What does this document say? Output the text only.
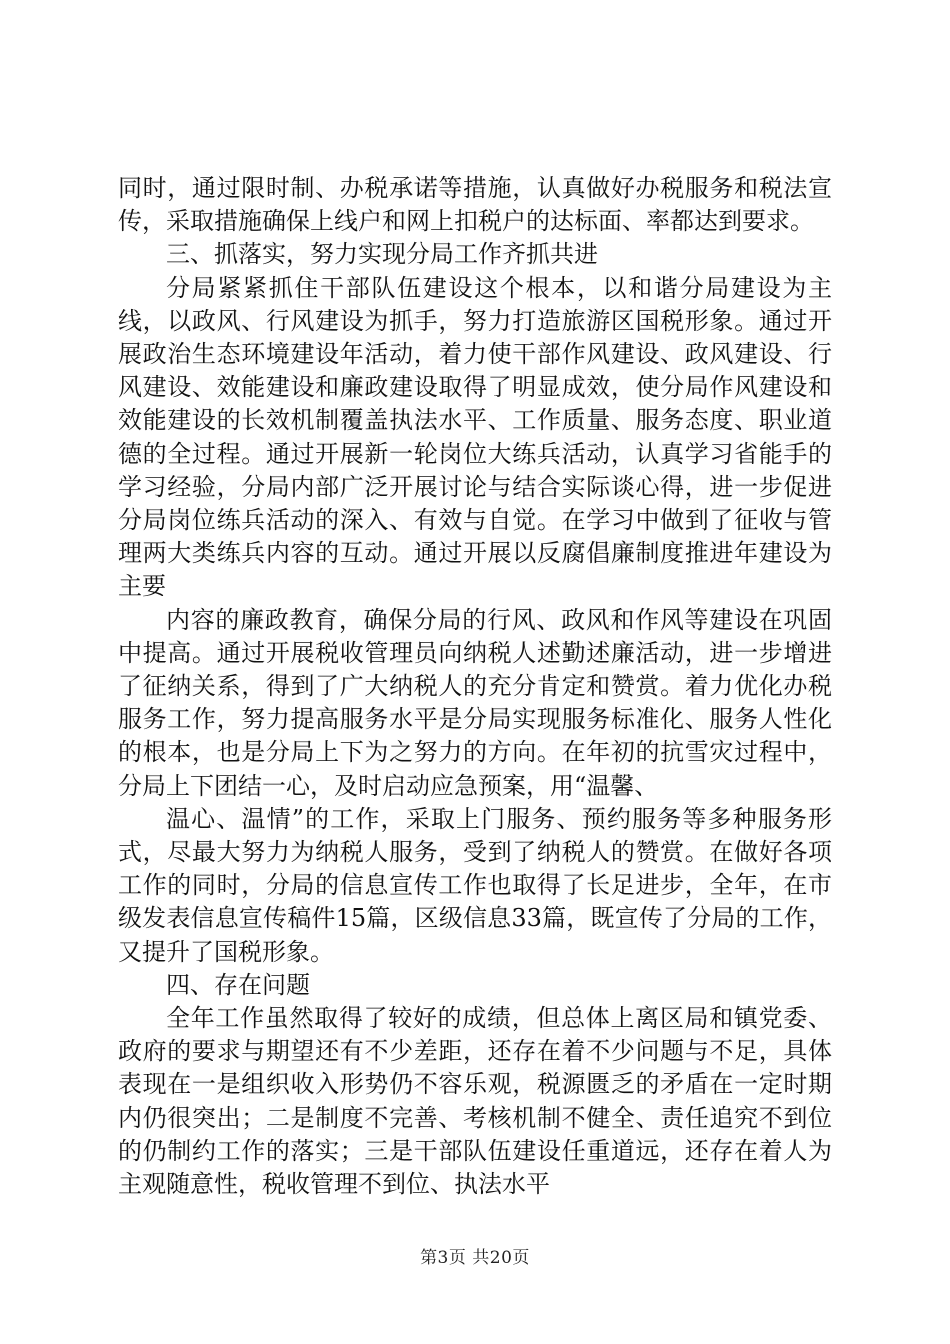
同时，通过限时制、办税承诺等措施，认真做好办税服务和税法宣传，采取措施确保上线户和网上扣税户的达标面、率都达到要求。

三、抓落实，努力实现分局工作齐抓共进

分局紧紧抓住干部队伍建设这个根本，以和谐分局建设为主线，以政风、行风建设为抓手，努力打造旅游区国税形象。通过开展政治生态环境建设年活动，着力使干部作风建设、政风建设、行风建设、效能建设和廉政建设取得了明显成效，使分局作风建设和效能建设的长效机制覆盖执法水平、工作质量、服务态度、职业道德的全过程。通过开展新一轮岗位大练兵活动，认真学习省能手的学习经验，分局内部广泛开展讨论与结合实际谈心得，进一步促进分局岗位练兵活动的深入、有效与自觉。在学习中做到了征收与管理两大类练兵内容的互动。通过开展以反腐倡廉制度推进年建设为主要

内容的廉政教育，确保分局的行风、政风和作风等建设在巩固中提高。通过开展税收管理员向纳税人述勤述廉活动，进一步增进了征纳关系，得到了广大纳税人的充分肯定和赞赏。着力优化办税服务工作，努力提高服务水平是分局实现服务标准化、服务人性化的根本，也是分局上下为之努力的方向。在年初的抗雪灾过程中，分局上下团结一心，及时启动应急预案，用“温馨、

温心、温情”的工作，采取上门服务、预约服务等多种服务形式，尽最大努力为纳税人服务，受到了纳税人的赞赏。在做好各项工作的同时，分局的信息宣传工作也取得了长足进步，全年，在市级发表信息宣传稿件15篇，区级信息33篇，既宣传了分局的工作，又提升了国税形象。

四、存在问题

全年工作虽然取得了较好的成绩，但总体上离区局和镇党委、政府的要求与期望还有不少差距，还存在着不少问题与不足，具体表现在一是组织收入形势仍不容乐观，税源匮乏的矛盾在一定时期内仍很突出；二是制度不完善、考核机制不健全、责任追究不到位的仍制约工作的落实；三是干部队伍建设任重道远，还存在着人为主观随意性，税收管理不到位、执法水平

第3页 共20页
